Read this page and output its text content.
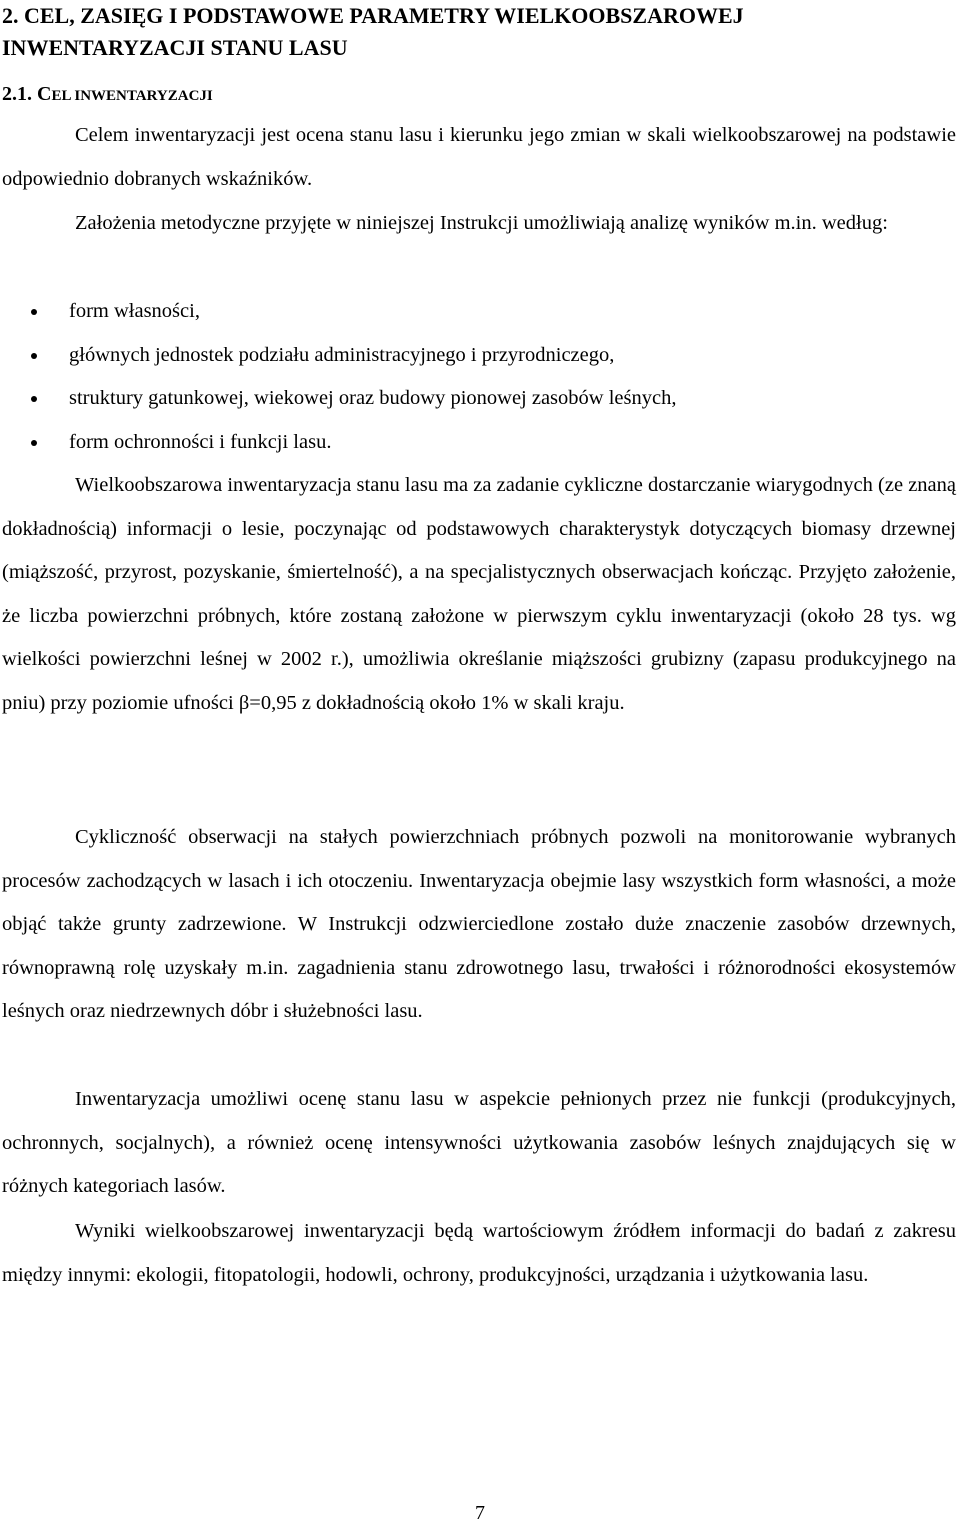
2. CEL, ZASIĘG I PODSTAWOWE PARAMETRY WIELKOOBSZAROWEJ INWENTARYZACJI STANU LASU
2.1. CEL INWENTARYZACJI

Celem inwentaryzacji jest ocena stanu lasu i kierunku jego zmian w skali wielkoobszarowej na podstawie odpowiednio dobranych wskaźników.

Założenia metodyczne przyjęte w niniejszej Instrukcji umożliwiają analizę wyników m.in. według:

form własności,
głównych jednostek podziału administracyjnego i przyrodniczego,
struktury gatunkowej, wiekowej oraz budowy pionowej zasobów leśnych,
form ochronności i funkcji lasu.

Wielkoobszarowa inwentaryzacja stanu lasu ma za zadanie cykliczne dostarczanie wiarygodnych (ze znaną dokładnością) informacji o lesie, poczynając od podstawowych charakterystyk dotyczących biomasy drzewnej (miąższość, przyrost, pozyskanie, śmiertelność), a na specjalistycznych obserwacjach kończąc. Przyjęto założenie, że liczba powierzchni próbnych, które zostaną założone w pierwszym cyklu inwentaryzacji (około 28 tys. wg wielkości powierzchni leśnej w 2002 r.), umożliwia określanie miąższości grubizny (zapasu produkcyjnego na pniu) przy poziomie ufności β=0,95 z dokładnością około 1% w skali kraju.

Cykliczność obserwacji na stałych powierzchniach próbnych pozwoli na monitorowanie wybranych procesów zachodzących w lasach i ich otoczeniu. Inwentaryzacja obejmie lasy wszystkich form własności, a może objąć także grunty zadrzewione. W Instrukcji odzwierciedlone zostało duże znaczenie zasobów drzewnych, równoprawną rolę uzyskały m.in. zagadnienia stanu zdrowotnego lasu, trwałości i różnorodności ekosystemów leśnych oraz niedrzewnych dóbr i służebności lasu.

Inwentaryzacja umożliwi ocenę stanu lasu w aspekcie pełnionych przez nie funkcji (produkcyjnych, ochronnych, socjalnych), a również ocenę intensywności użytkowania zasobów leśnych znajdujących się w różnych kategoriach lasów.

Wyniki wielkoobszarowej inwentaryzacji będą wartościowym źródłem informacji do badań z zakresu między innymi: ekologii, fitopatologii, hodowli, ochrony, produkcyjności, urządzania i użytkowania lasu.

7
